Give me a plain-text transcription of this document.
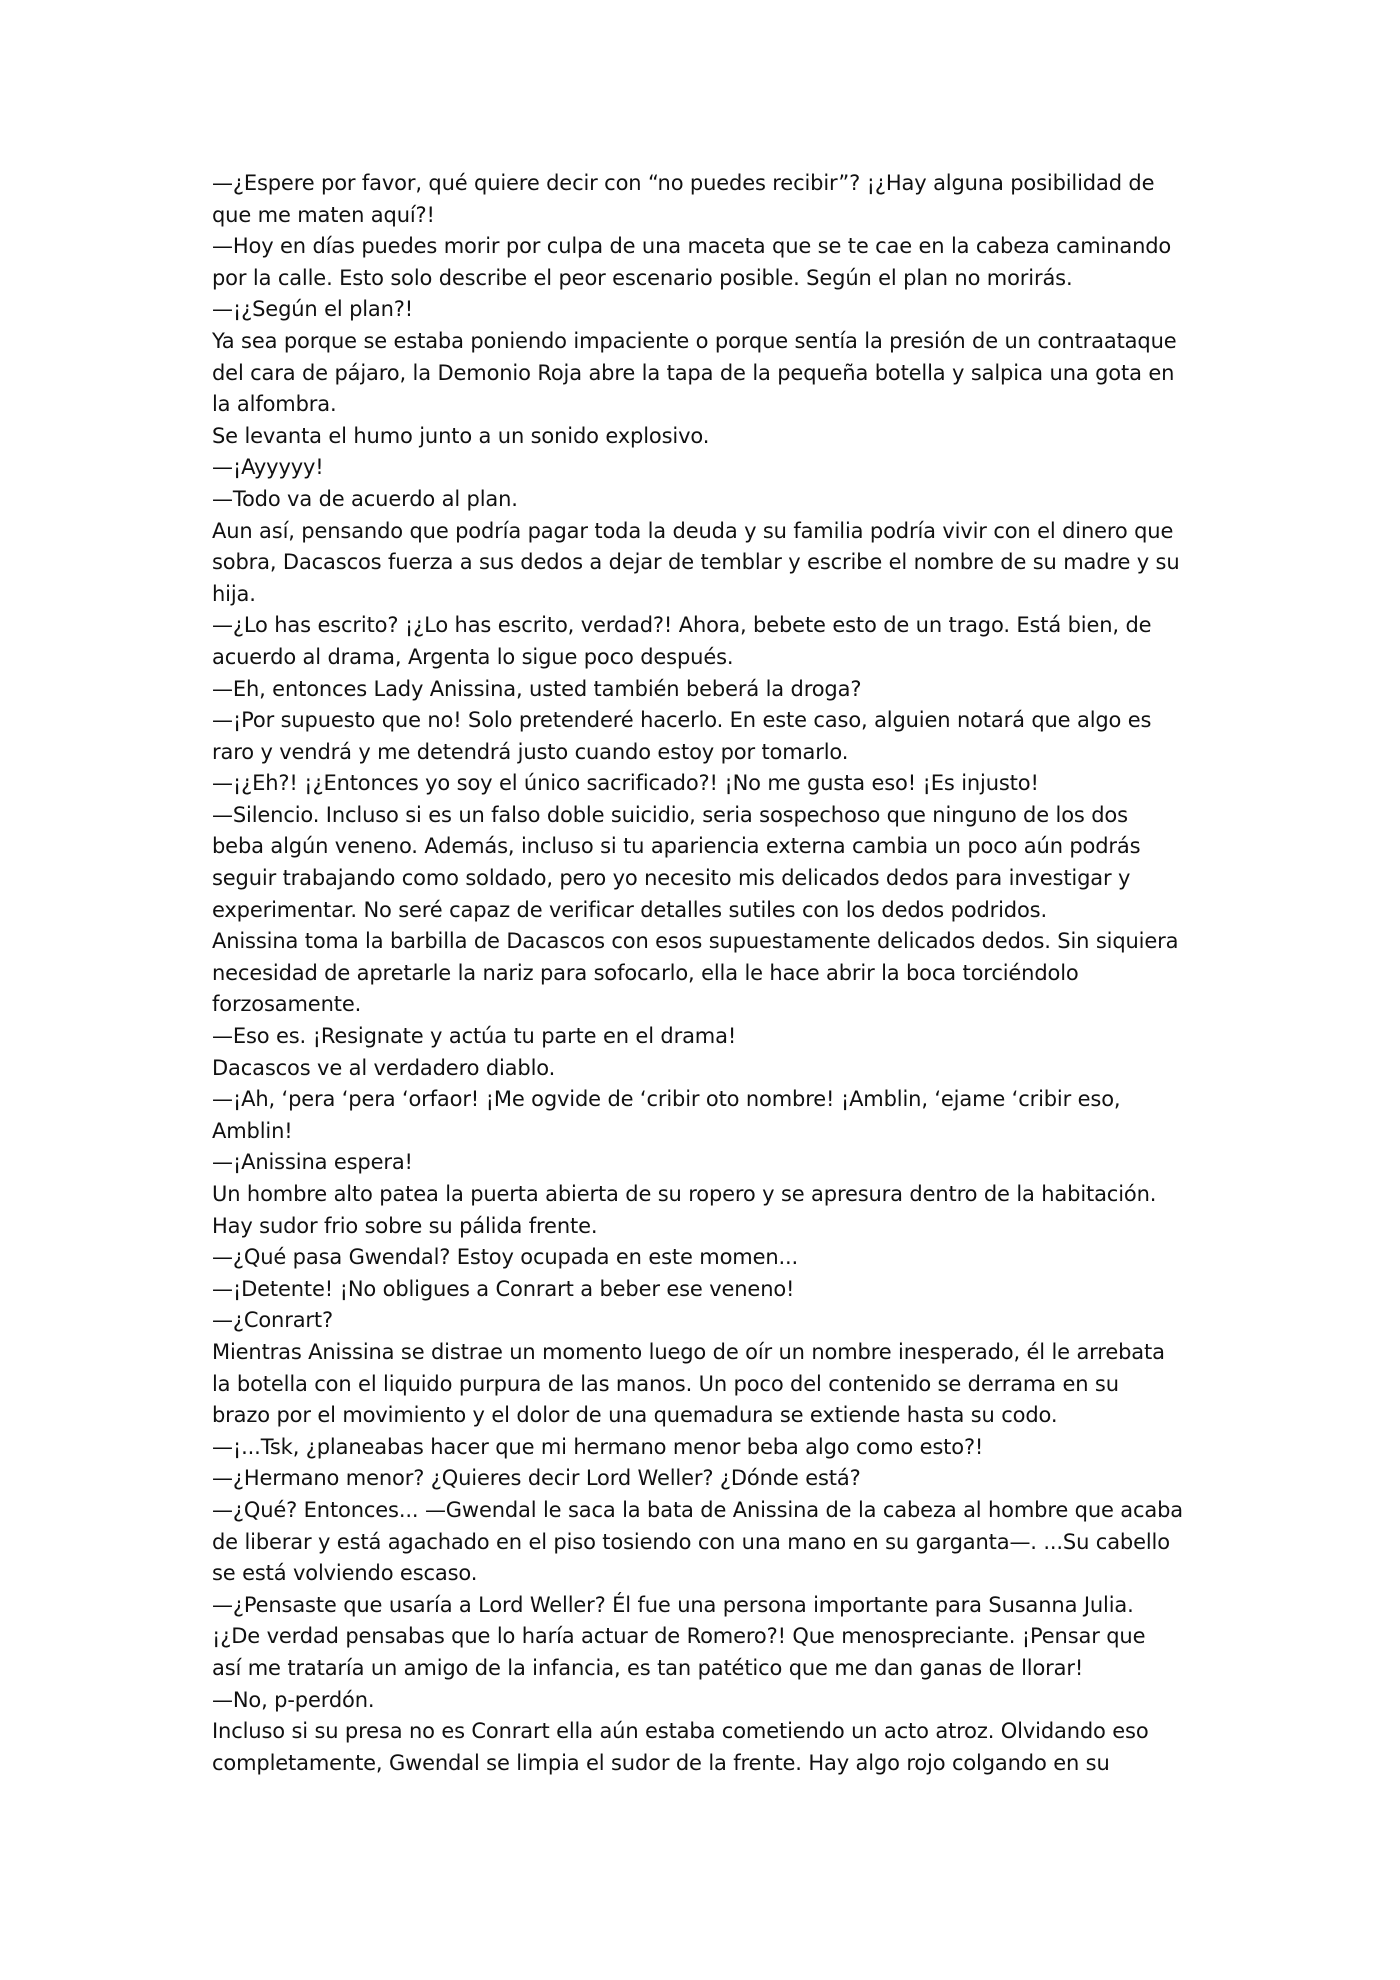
—¿Espere por favor, qué quiere decir con “no puedes recibir”? ¡¿Hay alguna posibilidad de

que me maten aquí?!

—Hoy en días puedes morir por culpa de una maceta que se te cae en la cabeza caminando

por la calle. Esto solo describe el peor escenario posible. Según el plan no morirás.

—¡¿Según el plan?!

Ya sea porque se estaba poniendo impaciente o porque sentía la presión de un contraataque

del cara de pájaro, la Demonio Roja abre la tapa de la pequeña botella y salpica una gota en

la alfombra.

Se levanta el humo junto a un sonido explosivo.

—¡Ayyyyy!

—Todo va de acuerdo al plan.

Aun así, pensando que podría pagar toda la deuda y su familia podría vivir con el dinero que

sobra, Dacascos fuerza a sus dedos a dejar de temblar y escribe el nombre de su madre y su

hija.

—¿Lo has escrito? ¡¿Lo has escrito, verdad?! Ahora, bebete esto de un trago. Está bien, de

acuerdo al drama, Argenta lo sigue poco después.

—Eh, entonces Lady Anissina, usted también beberá la droga?

—¡Por supuesto que no! Solo pretenderé hacerlo. En este caso, alguien notará que algo es

raro y vendrá y me detendrá justo cuando estoy por tomarlo.

—¡¿Eh?! ¡¿Entonces yo soy el único sacrificado?! ¡No me gusta eso! ¡Es injusto!

—Silencio. Incluso si es un falso doble suicidio, seria sospechoso que ninguno de los dos

beba algún veneno. Además, incluso si tu apariencia externa cambia un poco aún podrás

seguir trabajando como soldado, pero yo necesito mis delicados dedos para investigar y

experimentar. No seré capaz de verificar detalles sutiles con los dedos podridos.

Anissina toma la barbilla de Dacascos con esos supuestamente delicados dedos. Sin siquiera

necesidad de apretarle la nariz para sofocarlo, ella le hace abrir la boca torciéndolo

forzosamente.

—Eso es. ¡Resignate y actúa tu parte en el drama!

Dacascos ve al verdadero diablo.

—¡Ah, ‘pera ‘pera ‘orfaor! ¡Me ogvide de ‘cribir oto nombre! ¡Amblin, ‘ejame ‘cribir eso,

Amblin!

—¡Anissina espera!

Un hombre alto patea la puerta abierta de su ropero y se apresura dentro de la habitación.

Hay sudor frio sobre su pálida frente.

—¿Qué pasa Gwendal? Estoy ocupada en este momen...

—¡Detente! ¡No obligues a Conrart a beber ese veneno!

—¿Conrart?

Mientras Anissina se distrae un momento luego de oír un nombre inesperado, él le arrebata

la botella con el liquido purpura de las manos. Un poco del contenido se derrama en su

brazo por el movimiento y el dolor de una quemadura se extiende hasta su codo.

—¡...Tsk, ¿planeabas hacer que mi hermano menor beba algo como esto?!

—¿Hermano menor? ¿Quieres decir Lord Weller? ¿Dónde está?

—¿Qué? Entonces... —Gwendal le saca la bata de Anissina de la cabeza al hombre que acaba

de liberar y está agachado en el piso tosiendo con una mano en su garganta—. ...Su cabello

se está volviendo escaso.

—¿Pensaste que usaría a Lord Weller? Él fue una persona importante para Susanna Julia.

¡¿De verdad pensabas que lo haría actuar de Romero?! Que menospreciante. ¡Pensar que

así me trataría un amigo de la infancia, es tan patético que me dan ganas de llorar!

—No, p-perdón.

Incluso si su presa no es Conrart ella aún estaba cometiendo un acto atroz. Olvidando eso

completamente, Gwendal se limpia el sudor de la frente. Hay algo rojo colgando en su
